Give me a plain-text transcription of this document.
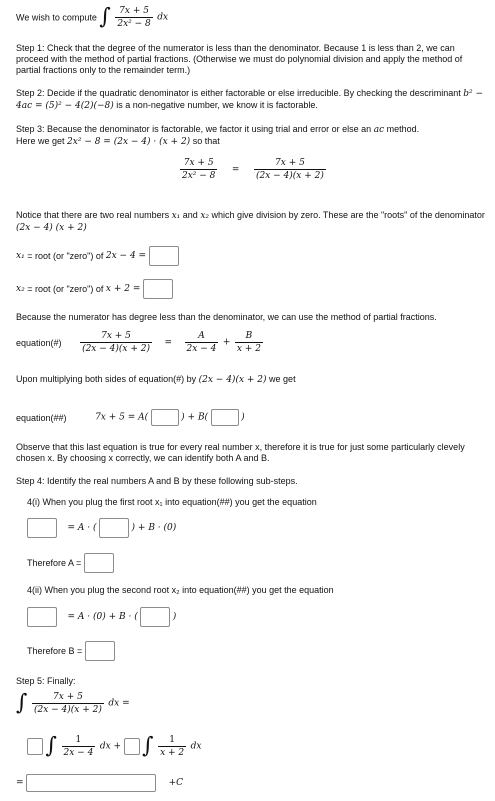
We wish to compute ∫ $\frac{7x + 5}{\text{2x² − 8}}$ dx
Step 1: Check that the degree of the numerator is less than the denominator. Because 1 is less than 2, we can proceed with the method of partial fractions. (Otherwise we must do polynomial division and apply the method of partial fractions only to the remainder term.)
Step 2: Decide if the quadratic denominator is either factorable or else irreducible. By checking the descriminant b² − 4ac = (5)² − 4(2)(−8) is a non-negative number, we know it is factorable.
Step 3: Because the denominator is factorable, we factor it using trial and error or else an ac method.
Here we get 2x² − 8 = (2x − 4) · (x + 2) so that
$\frac{7x + 5}{\text{2x² − 8}} = \frac{7x + 5}{(2x - 4)(x + 2)}$
Notice that there are two real numbers x₁ and x₂ which give division by zero. These are the "roots" of the denominator (2x − 4) (x + 2)
x₁ = root (or "zero") of 2x − 4 =
x₂ = root (or "zero") of x + 2 =
Because the numerator has degree less than the denominator, we can use the method of partial fractions.
equation(#) $\frac{7x + 5}{(2x - 4)(x + 2)} = \frac{A}{2x - 4} + \frac{B}{x + 2}$
Upon multiplying both sides of equation(#) by (2x − 4)(x + 2) we get
equation(##)	7x + 5 = A(	) + B(	)
Observe that this last equation is true for every real number x, therefore it is true for just some particularly clevely chosen x. By choosing x correctly, we can identify both A and B.
Step 4: Identify the real numbers A and B by these following sub-steps.
4(i) When you plug the first root x₁ into equation(##) you get the equation
= A · (	) + B · (0)
Therefore A =
4(ii) When you plug the second root x₂ into equation(##) you get the equation
= A · (0) + B · (	)
Therefore B =
Step 5: Finally:
∫ $\frac{7x + 5}{(2x - 4)(x + 2)}$ dx =
∫ $\frac{1}{2x - 4}$ dx + ∫ $\frac{1}{x + 2}$ dx
=	+C
